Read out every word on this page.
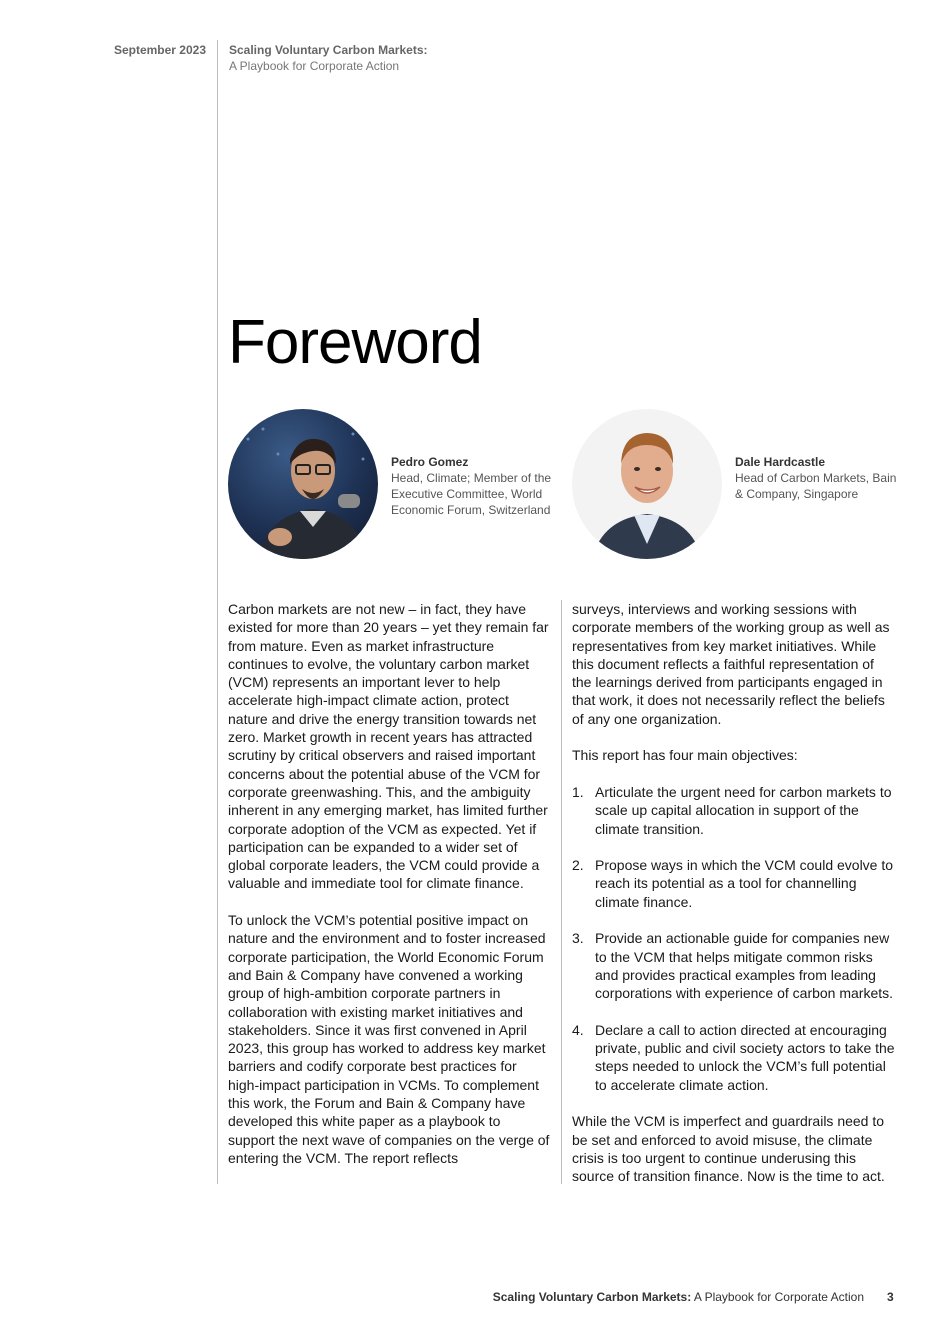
September 2023 Scaling Voluntary Carbon Markets:
A Playbook for Corporate Action
Foreword
Pedro Gomez
Head, Climate; Member of the Executive Committee, World Economic Forum, Switzerland
Dale Hardcastle
Head of Carbon Markets, Bain & Company, Singapore

Carbon markets are not new – in fact, they have existed for more than 20 years – yet they remain far from mature. Even as market infrastructure continues to evolve, the voluntary carbon market (VCM) represents an important lever to help accelerate high-impact climate action, protect nature and drive the energy transition towards net zero. Market growth in recent years has attracted scrutiny by critical observers and raised important concerns about the potential abuse of the VCM for corporate greenwashing. This, and the ambiguity inherent in any emerging market, has limited further corporate adoption of the VCM as expected. Yet if participation can be expanded to a wider set of global corporate leaders, the VCM could provide a valuable and immediate tool for climate finance.

To unlock the VCM’s potential positive impact on nature and the environment and to foster increased corporate participation, the World Economic Forum and Bain & Company have convened a working group of high-ambition corporate partners in collaboration with existing market initiatives and stakeholders. Since it was first convened in April 2023, this group has worked to address key market barriers and codify corporate best practices for high-impact participation in VCMs. To complement this work, the Forum and Bain & Company have developed this white paper as a playbook to support the next wave of companies on the verge of entering the VCM. The report reflects

surveys, interviews and working sessions with corporate members of the working group as well as representatives from key market initiatives. While this document reflects a faithful representation of the learnings derived from participants engaged in that work, it does not necessarily reflect the beliefs of any one organization.

This report has four main objectives:

1. Articulate the urgent need for carbon markets to scale up capital allocation in support of the climate transition.
2. Propose ways in which the VCM could evolve to reach its potential as a tool for channelling climate finance.
3. Provide an actionable guide for companies new to the VCM that helps mitigate common risks and provides practical examples from leading corporations with experience of carbon markets.
4. Declare a call to action directed at encouraging private, public and civil society actors to take the steps needed to unlock the VCM’s full potential to accelerate climate action.

While the VCM is imperfect and guardrails need to be set and enforced to avoid misuse, the climate crisis is too urgent to continue underusing this source of transition finance. Now is the time to act.

Scaling Voluntary Carbon Markets: A Playbook for Corporate Action 3
